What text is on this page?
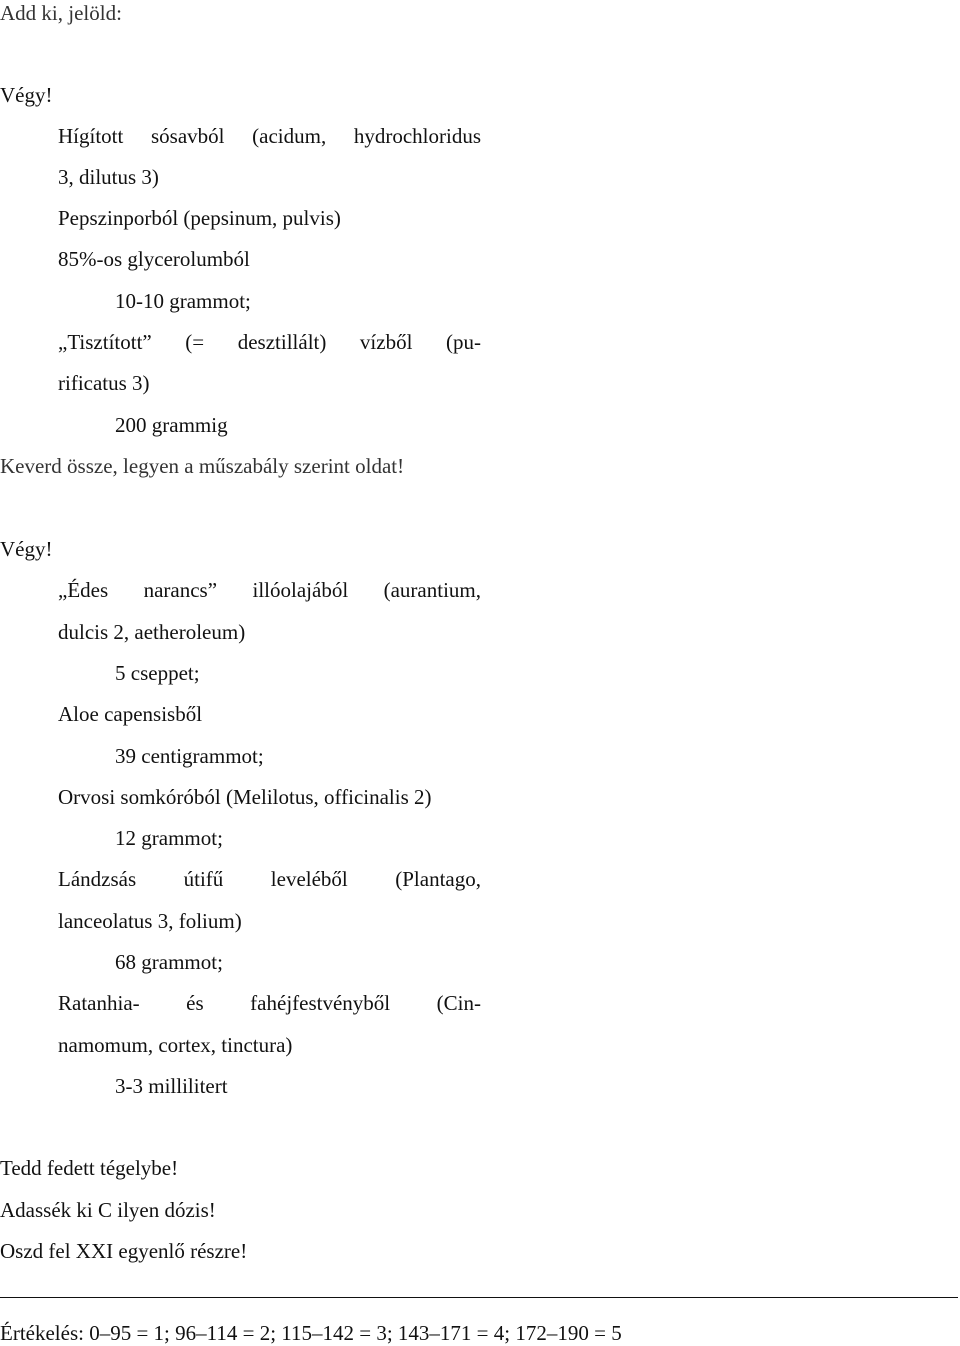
Add ki, jelöld:

Végy!

Hígított sósavból (acidum, hydrochloridus

3, dilutus 3)

Pepszinporból (pepsinum, pulvis)

85%-os glycerolumból

10-10 grammot;

„Tisztított” (= desztillált) vízből (pu-

rificatus 3)

200 grammig

Keverd össze, legyen a műszabály szerint oldat!

Végy!

„Édes narancs” illóolajából (aurantium,

dulcis 2, aetheroleum)

5 cseppet;

Aloe capensisből

39 centigrammot;

Orvosi somkóróból (Melilotus, officinalis 2)

12 grammot;

Lándzsás útifű leveléből (Plantago,

lanceolatus 3, folium)

68 grammot;

Ratanhia- és fahéjfestvényből (Cin-

namomum, cortex, tinctura)

3-3 millilitert

Tedd fedett tégelybe!

Adassék ki C ilyen dózis!

Oszd fel XXI egyenlő részre!

Értékelés: 0–95 = 1; 96–114 = 2; 115–142 = 3; 143–171 = 4; 172–190 = 5
